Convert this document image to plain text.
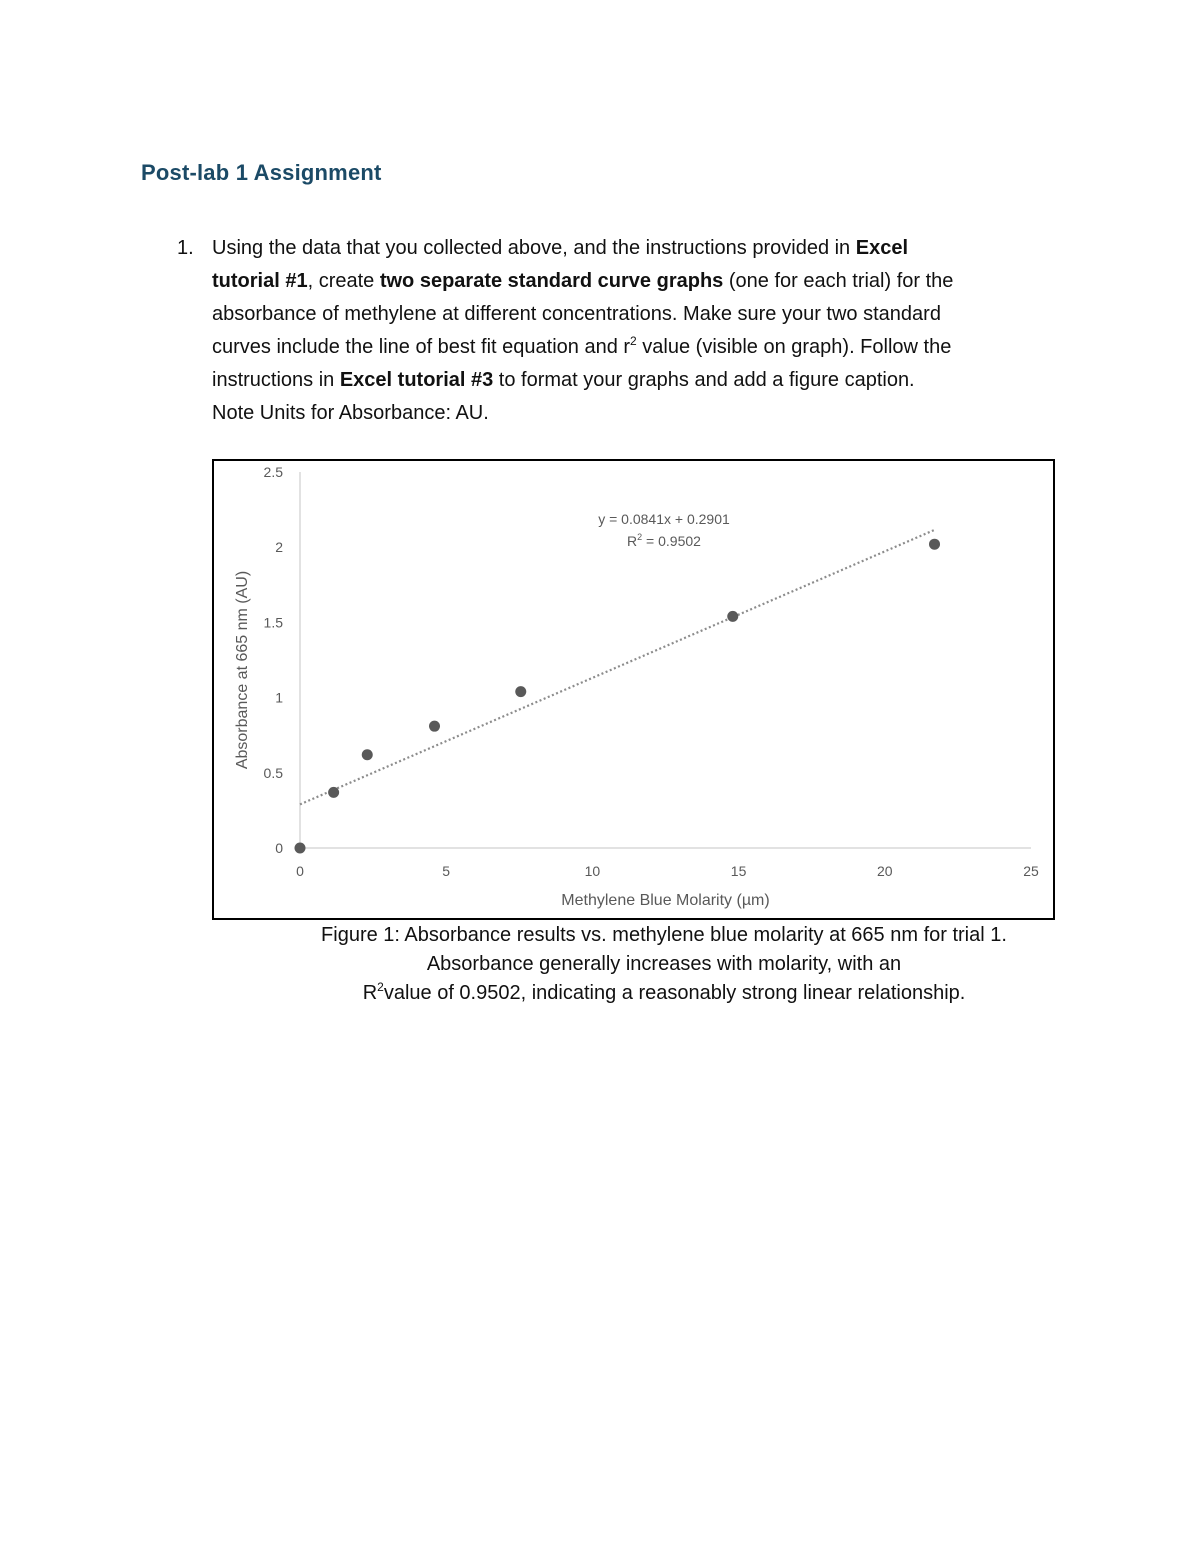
Post-lab 1 Assignment
1. Using the data that you collected above, and the instructions provided in Excel
tutorial #1, create two separate standard curve graphs (one for each trial) for the
absorbance of methylene at different concentrations. Make sure your two standard
curves include the line of best fit equation and $r^2$ value (visible on graph). Follow the
instructions in Excel tutorial #3 to format your graphs and add a figure caption.
Note Units for Absorbance: AU.
0	5	10	15	20	25
0
0.5
1
1.5
2
2.5
Methylene Blue Molarity (µm)
Absorbance at 665 nm (AU)
y = 0.0841x + 0.2901
$R^2 = 0.9502$
Figure 1: Absorbance results vs. methylene blue molarity at 665 nm for trial 1.
Absorbance generally increases with molarity, with an
$R^2value$ of 0.9502, indicating a reasonably strong linear relationship.
